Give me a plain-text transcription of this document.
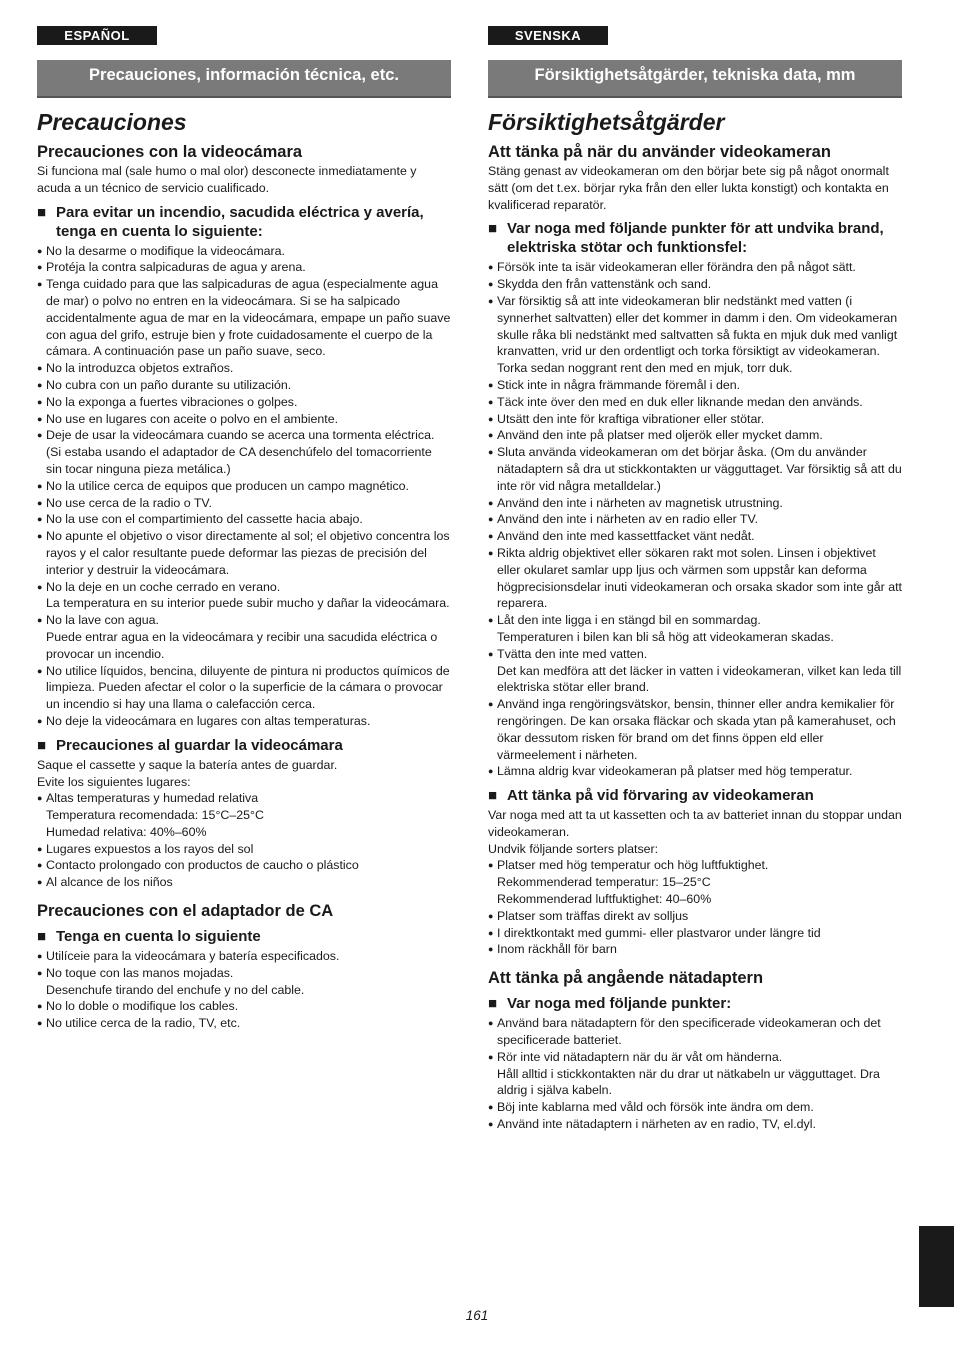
ESPAÑOL
Precauciones, información técnica, etc.
Precauciones
Precauciones con la videocámara
Si funciona mal (sale humo o mal olor) desconecte inmediatamente y acuda a un técnico de servicio cualificado.
■ Para evitar un incendio, sacudida eléctrica y avería, tenga en cuenta lo siguiente:
● No la desarme o modifique la videocámara.
● Protéja la contra salpicaduras de agua y arena.
● Tenga cuidado para que las salpicaduras de agua (especialmente agua de mar) o polvo no entren en la videocámara. Si se ha salpicado accidentalmente agua de mar en la videocámara, empape un paño suave con agua del grifo, estruje bien y frote cuidadosamente el cuerpo de la cámara. A continuación pase un paño suave, seco.
● No la introduzca objetos extraños.
● No cubra con un paño durante su utilización.
● No la exponga a fuertes vibraciones o golpes.
● No use en lugares con aceite o polvo en el ambiente.
● Deje de usar la videocámara cuando se acerca una tormenta eléctrica. (Si estaba usando el adaptador de CA desenchúfelo del tomacorriente sin tocar ninguna pieza metálica.)
● No la utilice cerca de equipos que producen un campo magnético.
● No use cerca de la radio o TV.
● No la use con el compartimiento del cassette hacia abajo.
● No apunte el objetivo o visor directamente al sol; el objetivo concentra los rayos y el calor resultante puede deformar las piezas de precisión del interior y destruir la videocámara.
● No la deje en un coche cerrado en verano.
La temperatura en su interior puede subir mucho y dañar la videocámara.
● No la lave con agua.
Puede entrar agua en la videocámara y recibir una sacudida eléctrica o provocar un incendio.
● No utilice líquidos, bencina, diluyente de pintura ni productos químicos de limpieza. Pueden afectar el color o la superficie de la cámara o provocar un incendio si hay una llama o calefacción cerca.
● No deje la videocámara en lugares con altas temperaturas.
■ Precauciones al guardar la videocámara
Saque el cassette y saque la batería antes de guardar.
Evite los siguientes lugares:
● Altas temperaturas y humedad relativa
Temperatura recomendada: 15°C–25°C
Humedad relativa: 40%–60%
● Lugares expuestos a los rayos del sol
● Contacto prolongado con productos de caucho o plástico
● Al alcance de los niños
Precauciones con el adaptador de CA
■ Tenga en cuenta lo siguiente
● Utilíceie para la videocámara y batería especificados.
● No toque con las manos mojadas.
Desenchufe tirando del enchufe y no del cable.
● No lo doble o modifique los cables.
● No utilice cerca de la radio, TV, etc.
SVENSKA
Försiktighetsåtgärder, tekniska data, mm
Försiktighetsåtgärder
Att tänka på när du använder videokameran
Stäng genast av videokameran om den börjar bete sig på något onormalt sätt (om det t.ex. börjar ryka från den eller lukta konstigt) och kontakta en kvalificerad reparatör.
■ Var noga med följande punkter för att undvika brand, elektriska stötar och funktionsfel:
● Försök inte ta isär videokameran eller förändra den på något sätt.
● Skydda den från vattenstänk och sand.
● Var försiktig så att inte videokameran blir nedstänkt med vatten (i synnerhet saltvatten) eller det kommer in damm i den. Om videokameran skulle råka bli nedstänkt med saltvatten så fukta en mjuk duk med vanligt kranvatten, vrid ur den ordentligt och torka försiktigt av videokameran. Torka sedan noggrant rent den med en mjuk, torr duk.
● Stick inte in några främmande föremål i den.
● Täck inte över den med en duk eller liknande medan den används.
● Utsätt den inte för kraftiga vibrationer eller stötar.
● Använd den inte på platser med oljerök eller mycket damm.
● Sluta använda videokameran om det börjar åska. (Om du använder nätadaptern så dra ut stickkontakten ur vägguttaget. Var försiktig så att du inte rör vid några metalldelar.)
● Använd den inte i närheten av magnetisk utrustning.
● Använd den inte i närheten av en radio eller TV.
● Använd den inte med kassettfacket vänt nedåt.
● Rikta aldrig objektivet eller sökaren rakt mot solen. Linsen i objektivet eller okularet samlar upp ljus och värmen som uppstår kan deforma högprecisionsdelar inuti videokameran och orsaka skador som inte går att reparera.
● Låt den inte ligga i en stängd bil en sommardag.
Temperaturen i bilen kan bli så hög att videokameran skadas.
● Tvätta den inte med vatten.
Det kan medföra att det läcker in vatten i videokameran, vilket kan leda till elektriska stötar eller brand.
● Använd inga rengöringsvätskor, bensin, thinner eller andra kemikalier för rengöringen. De kan orsaka fläckar och skada ytan på kamerahuset, och ökar dessutom risken för brand om det finns öppen eld eller värmeelement i närheten.
● Lämna aldrig kvar videokameran på platser med hög temperatur.
■ Att tänka på vid förvaring av videokameran
Var noga med att ta ut kassetten och ta av batteriet innan du stoppar undan videokameran.
Undvik följande sorters platser:
● Platser med hög temperatur och hög luftfuktighet.
Rekommenderad temperatur: 15–25°C
Rekommenderad luftfuktighet: 40–60%
● Platser som träffas direkt av solljus
● I direktkontakt med gummi- eller plastvaror under längre tid
● Inom räckhåll för barn
Att tänka på angående nätadaptern
■ Var noga med följande punkter:
● Använd bara nätadaptern för den specificerade videokameran och det specificerade batteriet.
● Rör inte vid nätadaptern när du är våt om händerna.
Håll alltid i stickkontakten när du drar ut nätkabeln ur vägguttaget. Dra aldrig i själva kabeln.
● Böj inte kablarna med våld och försök inte ändra om dem.
● Använd inte nätadaptern i närheten av en radio, TV, el.dyl.
161
